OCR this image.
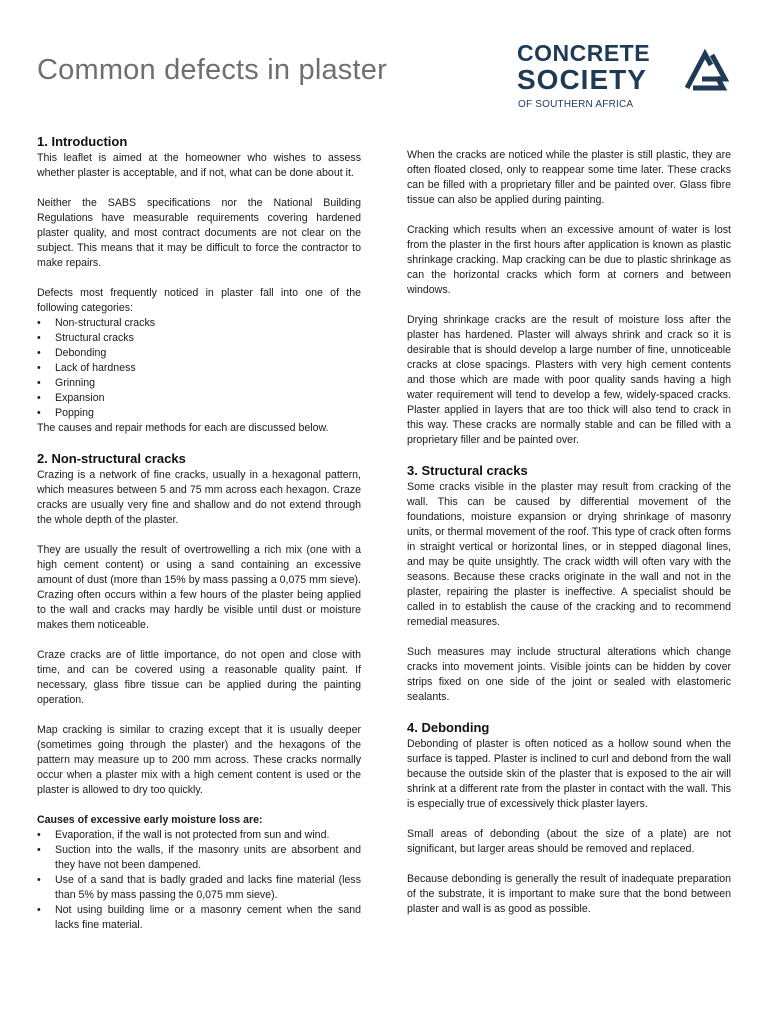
Common defects in plaster
CONCRETE
SOCIETY
OF SOUTHERN AFRICA
1. Introduction

This leaflet is aimed at the homeowner who wishes to assess whether plaster is acceptable, and if not, what can be done about it.

Neither the SABS specifications nor the National Building Regulations have measurable requirements covering hardened plaster quality, and most contract documents are not clear on the subject. This means that it may be difficult to force the contractor to make repairs.

Defects most frequently noticed in plaster fall into one of the following categories:

• Non-structural cracks
• Structural cracks
• Debonding
• Lack of hardness
• Grinning
• Expansion
• Popping

The causes and repair methods for each are discussed below.

2. Non-structural cracks

Crazing is a network of fine cracks, usually in a hexagonal pattern, which measures between 5 and 75 mm across each hexagon. Craze cracks are usually very fine and shallow and do not extend through the whole depth of the plaster.

They are usually the result of overtrowelling a rich mix (one with a high cement content) or using a sand containing an excessive amount of dust (more than 15% by mass passing a 0,075 mm sieve). Crazing often occurs within a few hours of the plaster being applied to the wall and cracks may hardly be visible until dust or moisture makes them noticeable.

Craze cracks are of little importance, do not open and close with time, and can be covered using a reasonable quality paint. If necessary, glass fibre tissue can be applied during the painting operation.

Map cracking is similar to crazing except that it is usually deeper (sometimes going through the plaster) and the hexagons of the pattern may measure up to 200 mm across. These cracks normally occur when a plaster mix with a high cement content is used or the plaster is allowed to dry too quickly.

Causes of excessive early moisture loss are:
• Evaporation, if the wall is not protected from sun and wind.
• Suction into the walls, if the masonry units are absorbent and they have not been dampened.
• Use of a sand that is badly graded and lacks fine material (less than 5% by mass passing the 0,075 mm sieve).
• Not using building lime or a masonry cement when the sand lacks fine material.

When the cracks are noticed while the plaster is still plastic, they are often floated closed, only to reappear some time later. These cracks can be filled with a proprietary filler and be painted over. Glass fibre tissue can also be applied during painting.

Cracking which results when an excessive amount of water is lost from the plaster in the first hours after application is known as plastic shrinkage cracking. Map cracking can be due to plastic shrinkage as can the horizontal cracks which form at corners and between windows.

Drying shrinkage cracks are the result of moisture loss after the plaster has hardened. Plaster will always shrink and crack so it is desirable that is should develop a large number of fine, unnoticeable cracks at close spacings. Plasters with very high cement contents and those which are made with poor quality sands having a high water requirement will tend to develop a few, widely-spaced cracks. Plaster applied in layers that are too thick will also tend to crack in this way. These cracks are normally stable and can be filled with a proprietary filler and be painted over.

3. Structural cracks

Some cracks visible in the plaster may result from cracking of the wall. This can be caused by differential movement of the foundations, moisture expansion or drying shrinkage of masonry units, or thermal movement of the roof. This type of crack often forms in straight vertical or horizontal lines, or in stepped diagonal lines, and may be quite unsightly. The crack width will often vary with the seasons. Because these cracks originate in the wall and not in the plaster, repairing the plaster is ineffective. A specialist should be called in to establish the cause of the cracking and to recommend remedial measures.

Such measures may include structural alterations which change cracks into movement joints. Visible joints can be hidden by cover strips fixed on one side of the joint or sealed with elastomeric sealants.

4. Debonding

Debonding of plaster is often noticed as a hollow sound when the surface is tapped. Plaster is inclined to curl and debond from the wall because the outside skin of the plaster that is exposed to the air will shrink at a different rate from the plaster in contact with the wall. This is especially true of excessively thick plaster layers.

Small areas of debonding (about the size of a plate) are not significant, but larger areas should be removed and replaced.

Because debonding is generally the result of inadequate preparation of the substrate, it is important to make sure that the bond between plaster and wall is as good as possible.
